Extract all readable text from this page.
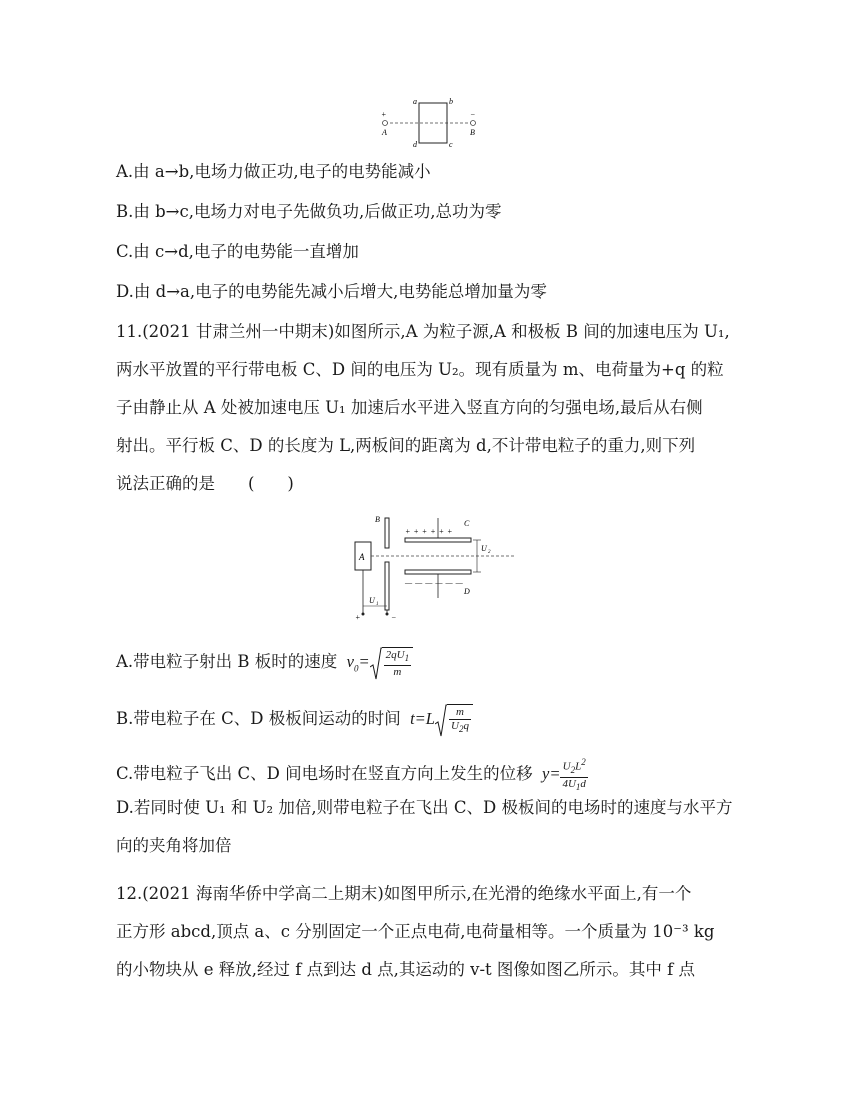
a	b
c
d
+
A
−
B
A.由 a→b,电场力做正功,电子的电势能减小
B.由 b→c,电场力对电子先做负功,后做正功,总功为零
C.由 c→d,电子的电势能一直增加
D.由 d→a,电子的电势能先减小后增大,电势能总增加量为零
11.(2021 甘肃兰州一中期末)如图所示,A 为粒子源,A 和极板 B 间的加速电压为 U₁,
两水平放置的平行带电板 C、D 间的电压为 U₂。现有质量为 m、电荷量为+q 的粒
子由静止从 A 处被加速电压 U₁ 加速后水平进入竖直方向的匀强电场,最后从右侧
射出。平行板 C、D 的长度为 L,两板间的距离为 d,不计带电粒子的重力,则下列
说法正确的是　　(　　)
A
B
+	−
U 1
++++++
C
——————
D
U 2
A.带电粒子射出 B 板时的速度  $v_0= \frac{2qU_1}{m}$
B.带电粒子在 C、D 极板间运动的时间  $t=L \frac{m}{U_2q}$
C.带电粒子飞出 C、D 间电场时在竖直方向上发生的位移  $y= \frac{U_2L^2}{4U_1d}$
D.若同时使 U₁ 和 U₂ 加倍,则带电粒子在飞出 C、D 极板间的电场时的速度与水平方
向的夹角将加倍
12.(2021 海南华侨中学高二上期末)如图甲所示,在光滑的绝缘水平面上,有一个
正方形 abcd,顶点 a、c 分别固定一个正点电荷,电荷量相等。一个质量为 10⁻³ kg
的小物块从 e 释放,经过 f 点到达 d 点,其运动的 v-t 图像如图乙所示。其中 f 点
